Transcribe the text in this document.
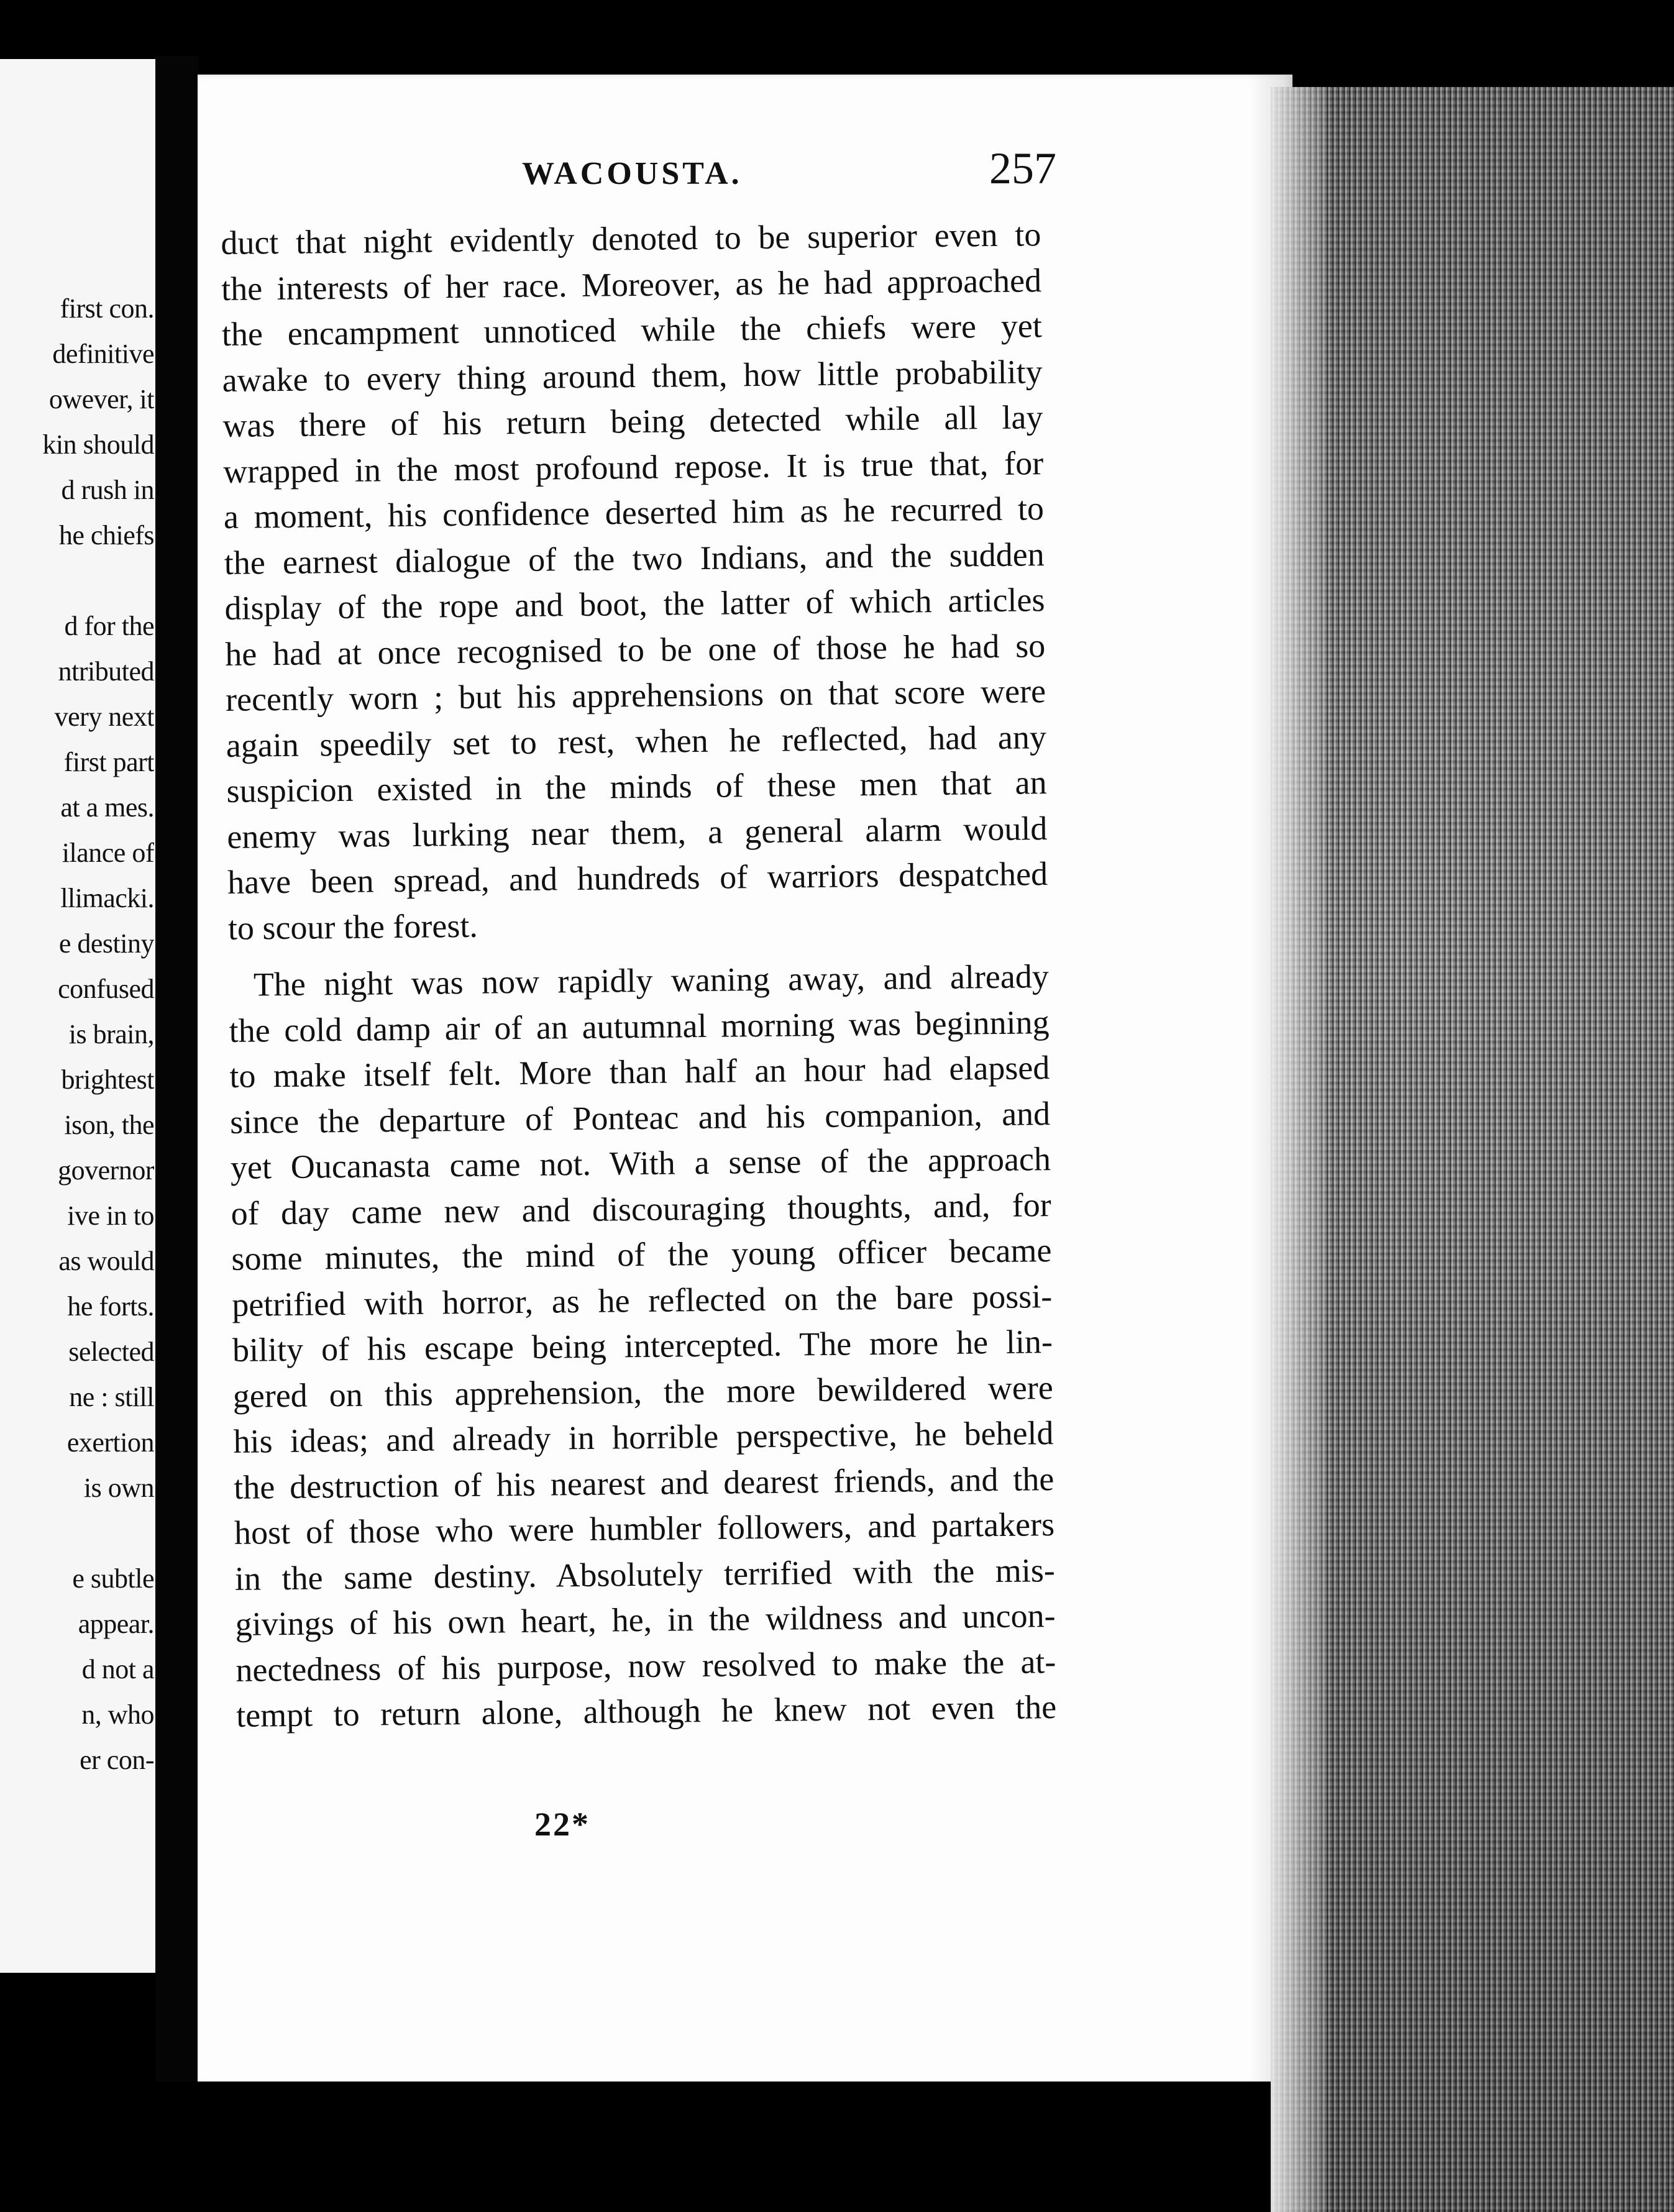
first con.
definitive
owever, it
kin should
d rush in
he chiefs
d for the
ntributed
very next
first part
at a mes.
ilance of
llimacki.
e destiny
confused
is brain,
brightest
ison, the
governor
ive in to
as would
he forts.
selected
ne : still
exertion
is own
e subtle
appear.
d not a
n, who
er con-
WACOUSTA.	257
duct that night evidently denoted to be superior even to
the interests of her race. Moreover, as he had approached
the encampment unnoticed while the chiefs were yet
awake to every thing around them, how little probability
was there of his return being detected while all lay
wrapped in the most profound repose. It is true that, for
a moment, his confidence deserted him as he recurred to
the earnest dialogue of the two Indians, and the sudden
display of the rope and boot, the latter of which articles
he had at once recognised to be one of those he had so
recently worn ; but his apprehensions on that score were
again speedily set to rest, when he reflected, had any
suspicion existed in the minds of these men that an
enemy was lurking near them, a general alarm would
have been spread, and hundreds of warriors despatched
to scour the forest.
The night was now rapidly waning away, and already
the cold damp air of an autumnal morning was beginning
to make itself felt. More than half an hour had elapsed
since the departure of Ponteac and his companion, and
yet Oucanasta came not. With a sense of the approach
of day came new and discouraging thoughts, and, for
some minutes, the mind of the young officer became
petrified with horror, as he reflected on the bare possi-
bility of his escape being intercepted. The more he lin-
gered on this apprehension, the more bewildered were
his ideas; and already in horrible perspective, he beheld
the destruction of his nearest and dearest friends, and the
host of those who were humbler followers, and partakers
in the same destiny. Absolutely terrified with the mis-
givings of his own heart, he, in the wildness and uncon-
nectedness of his purpose, now resolved to make the at-
tempt to return alone, although he knew not even the
22*
